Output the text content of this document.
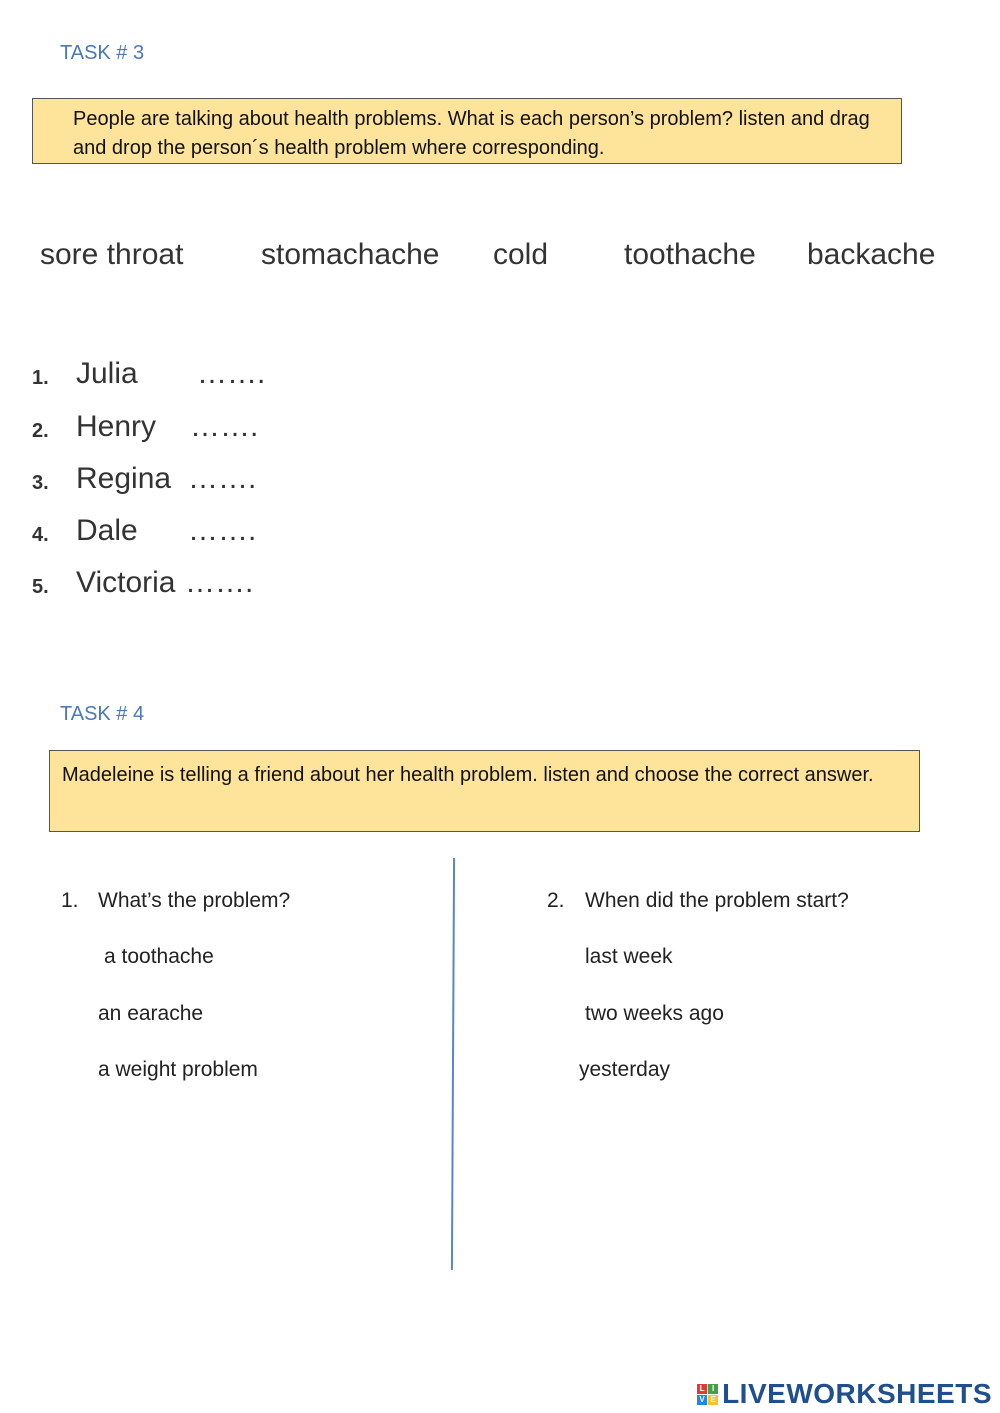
TASK # 3
People are talking about health problems. What is each person’s problem? listen and drag and drop the person´s health problem where corresponding.
sore throat	stomachache cold	toothache backache
1. Julia …….
2. Henry …….
3. Regina …….
4. Dale …….
5. Victoria …….
TASK # 4
Madeleine is telling a friend about her health problem. listen and choose the correct answer.
1. What’s the problem?
a toothache
an earache
a weight problem
2. When did the problem start?
last week
two weeks ago
yesterday
L I
V E LIVEWORKSHEETS
